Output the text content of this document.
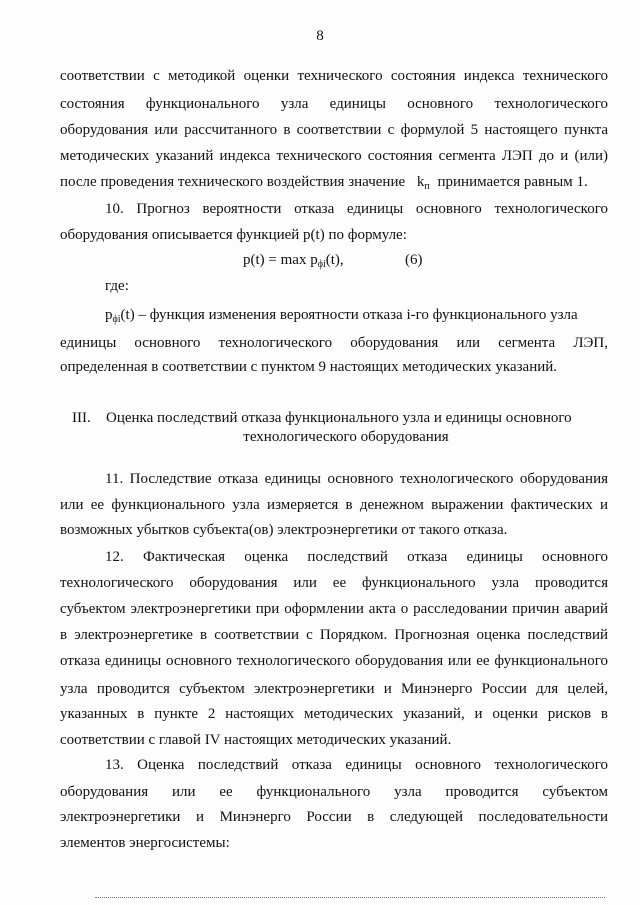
8
соответствии с методикой оценки технического состояния индекса технического
состояния функционального узла единицы основного технологического
оборудования или рассчитанного в соответствии с формулой 5 настоящего пункта
методических указаний индекса технического состояния сегмента ЛЭП до и (или)
после проведения технического воздействия значение $k_п$ принимается равным 1.
10. Прогноз вероятности отказа единицы основного технологического
оборудования описывается функцией p(t) по формуле:
$p(t) = \max p_{\phi i}(t)$,	(6)
где:
$p_{\phi i}(t)$ – функция изменения вероятности отказа i-го функционального узла
единицы основного технологического оборудования или сегмента ЛЭП,
определенная в соответствии с пунктом 9 настоящих методических указаний.
III. Оценка последствий отказа функционального узла и единицы основного
технологического оборудования
11. Последствие отказа единицы основного технологического оборудования
или ее функционального узла измеряется в денежном выражении фактических и
возможных убытков субъекта(ов) электроэнергетики от такого отказа.
12. Фактическая оценка последствий отказа единицы основного
технологического оборудования или ее функционального узла проводится
субъектом электроэнергетики при оформлении акта о расследовании причин аварий
в электроэнергетике в соответствии с Порядком. Прогнозная оценка последствий
отказа единицы основного технологического оборудования или ее функционального
узла проводится субъектом электроэнергетики и Минэнерго России для целей,
указанных в пункте 2 настоящих методических указаний, и оценки рисков в
соответствии с главой IV настоящих методических указаний.
13. Оценка последствий отказа единицы основного технологического
оборудования или ее функционального узла проводится субъектом
электроэнергетики и Минэнерго России в следующей последовательности
элементов энергосистемы:
